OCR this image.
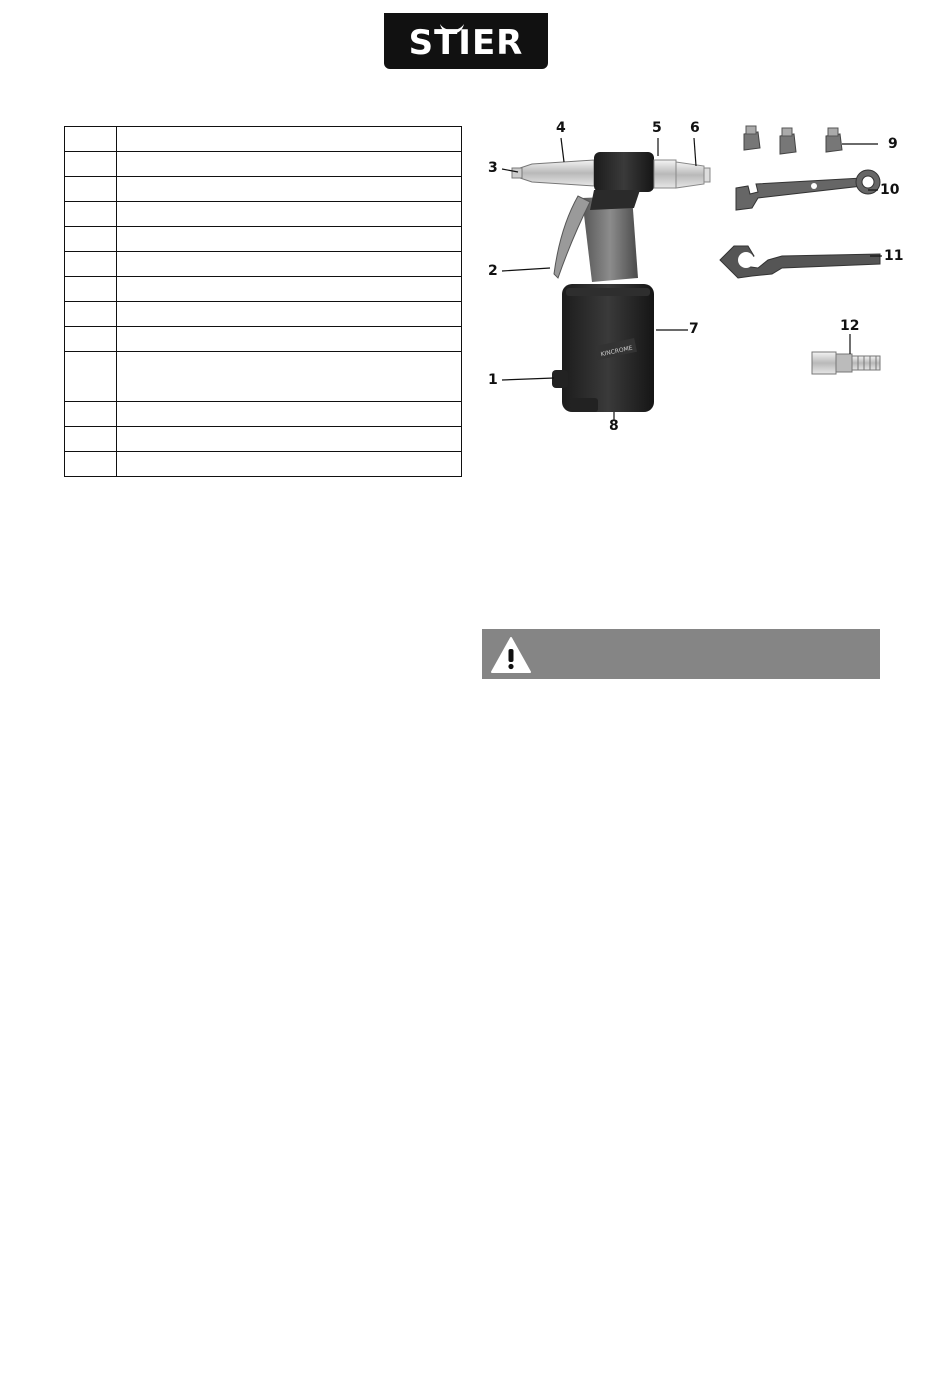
STIER

KINCROME
3
4	5 6
2
7
1
8
9
10
11
12
